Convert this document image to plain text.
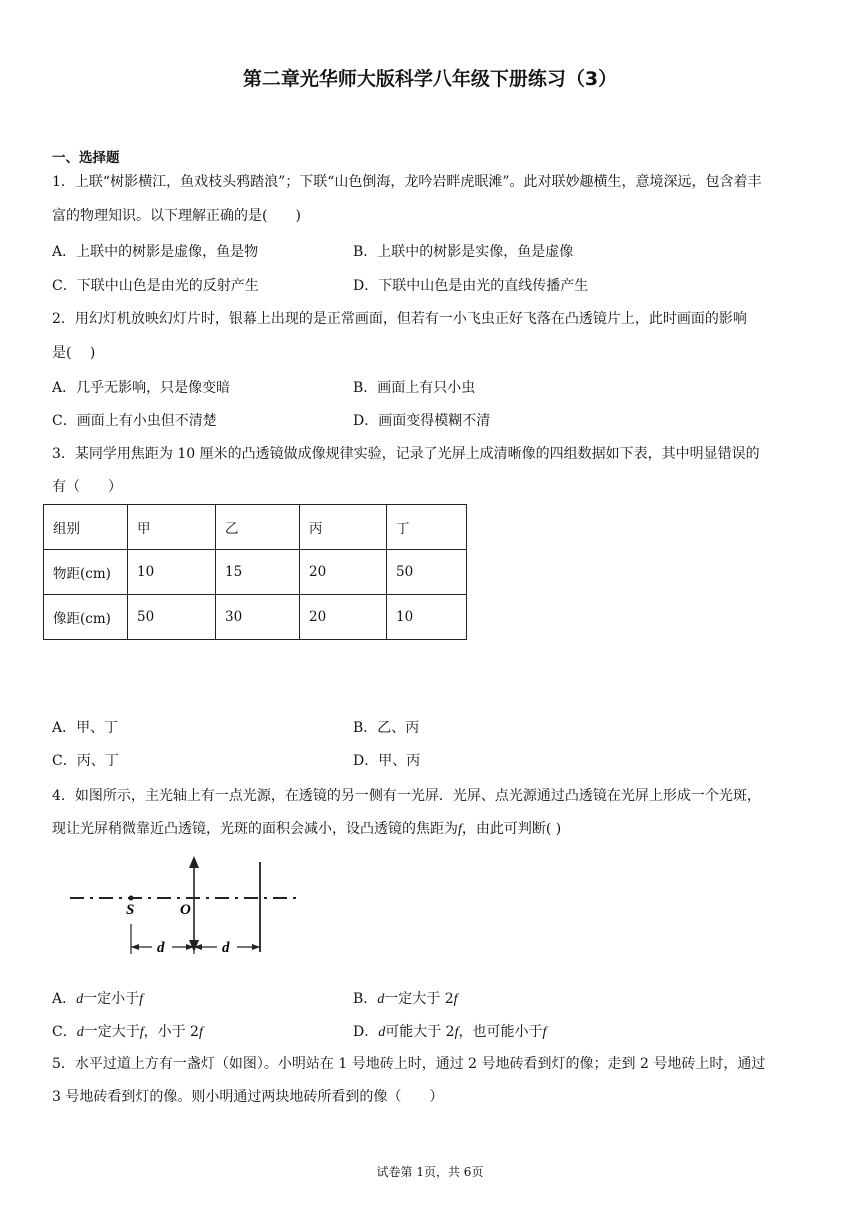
第二章光华师大版科学八年级下册练习（3）
一、选择题
1．上联“树影横江，鱼戏枝头鸦踏浪”；下联“山色倒海，龙吟岩畔虎眠滩”。此对联妙趣横生，意境深远，包含着丰
富的物理知识。以下理解正确的是(　　)
A．上联中的树影是虚像，鱼是物	B．上联中的树影是实像，鱼是虚像
C．下联中山色是由光的反射产生	D．下联中山色是由光的直线传播产生
2．用幻灯机放映幻灯片时，银幕上出现的是正常画面，但若有一小飞虫正好飞落在凸透镜片上，此时画面的影响
是(　 )
A．几乎无影响，只是像变暗	B．画面上有只小虫
C．画面上有小虫但不清楚	D．画面变得模糊不清
3．某同学用焦距为 10 厘米的凸透镜做成像规律实验，记录了光屏上成清晰像的四组数据如下表，其中明显错误的
有（　　）
组别	甲	乙	丙	丁
物距(cm)	10	15	20	50
像距(cm)	50	30	20	10
A．甲、丁	B．乙、丙
C．丙、丁	D．甲、丙
4．如图所示，主光轴上有一点光源，在透镜的另一侧有一光屏．光屏、点光源通过凸透镜在光屏上形成一个光斑，
现让光屏稍微靠近凸透镜，光斑的面积会减小，设凸透镜的焦距为f，由此可判断( )
S	O
d	d
A．d一定小于f	B．d一定大于 2f
C．d一定大于f，小于 2f	D．d可能大于 2f，也可能小于f
5．水平过道上方有一盏灯（如图）。小明站在 1 号地砖上时，通过 2 号地砖看到灯的像；走到 2 号地砖上时，通过
3 号地砖看到灯的像。则小明通过两块地砖所看到的像（　　）
试卷第 1页，共 6页
